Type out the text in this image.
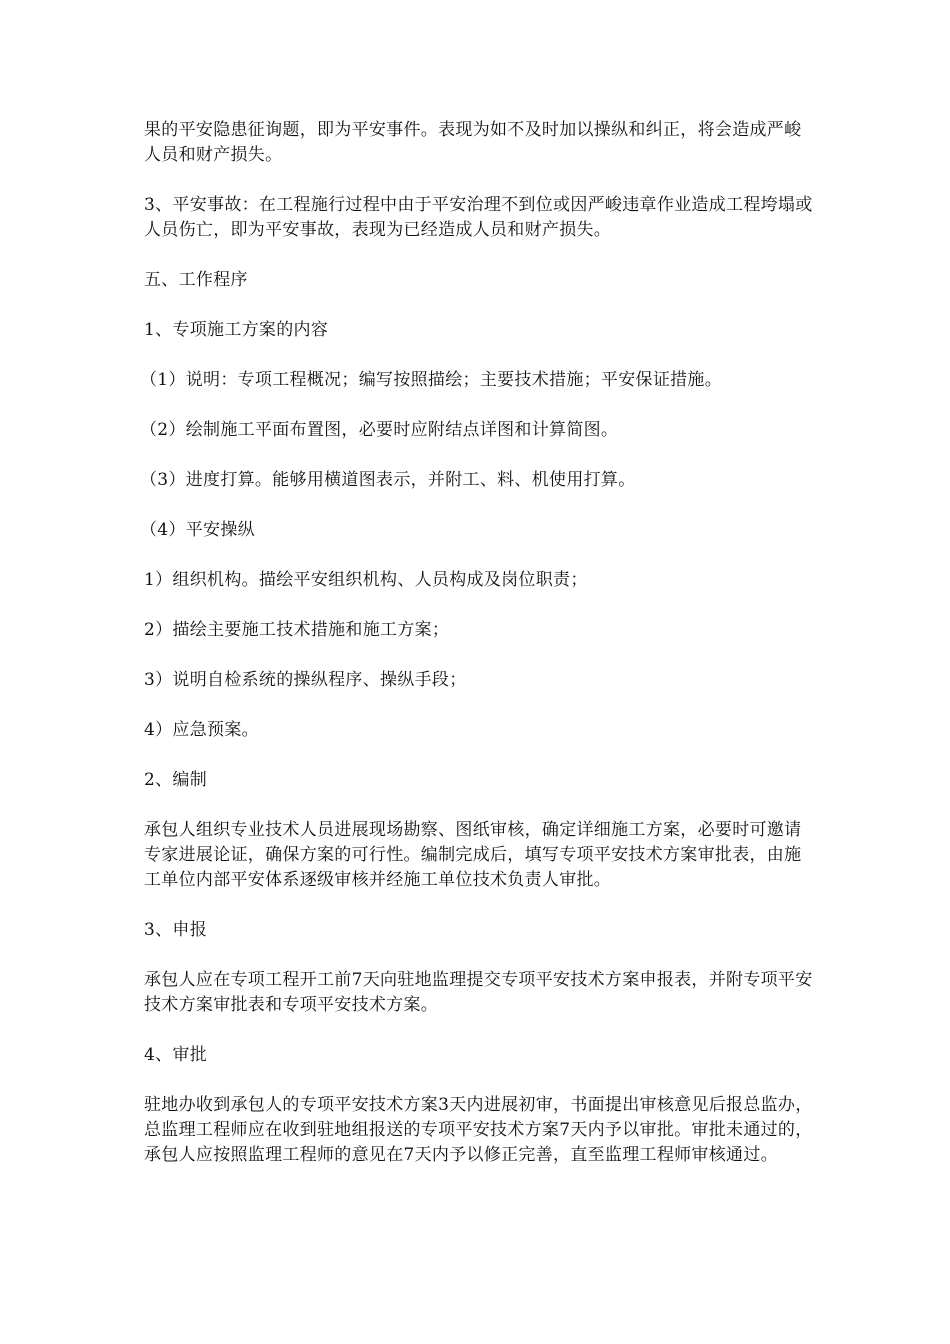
果的平安隐患征询题，即为平安事件。表现为如不及时加以操纵和纠正，将会造成严峻人员和财产损失。

3、平安事故：在工程施行过程中由于平安治理不到位或因严峻违章作业造成工程垮塌或人员伤亡，即为平安事故，表现为已经造成人员和财产损失。

五、工作程序

1、专项施工方案的内容

（1）说明：专项工程概况；编写按照描绘；主要技术措施；平安保证措施。

（2）绘制施工平面布置图，必要时应附结点详图和计算简图。

（3）进度打算。能够用横道图表示，并附工、料、机使用打算。

（4）平安操纵

1）组织机构。描绘平安组织机构、人员构成及岗位职责；

2）描绘主要施工技术措施和施工方案；

3）说明自检系统的操纵程序、操纵手段；

4）应急预案。

2、编制

承包人组织专业技术人员进展现场勘察、图纸审核，确定详细施工方案，必要时可邀请专家进展论证，确保方案的可行性。编制完成后，填写专项平安技术方案审批表，由施工单位内部平安体系逐级审核并经施工单位技术负责人审批。

3、申报

承包人应在专项工程开工前7天向驻地监理提交专项平安技术方案申报表，并附专项平安技术方案审批表和专项平安技术方案。

4、审批

驻地办收到承包人的专项平安技术方案3天内进展初审，书面提出审核意见后报总监办，总监理工程师应在收到驻地组报送的专项平安技术方案7天内予以审批。审批未通过的，承包人应按照监理工程师的意见在7天内予以修正完善，直至监理工程师审核通过。
